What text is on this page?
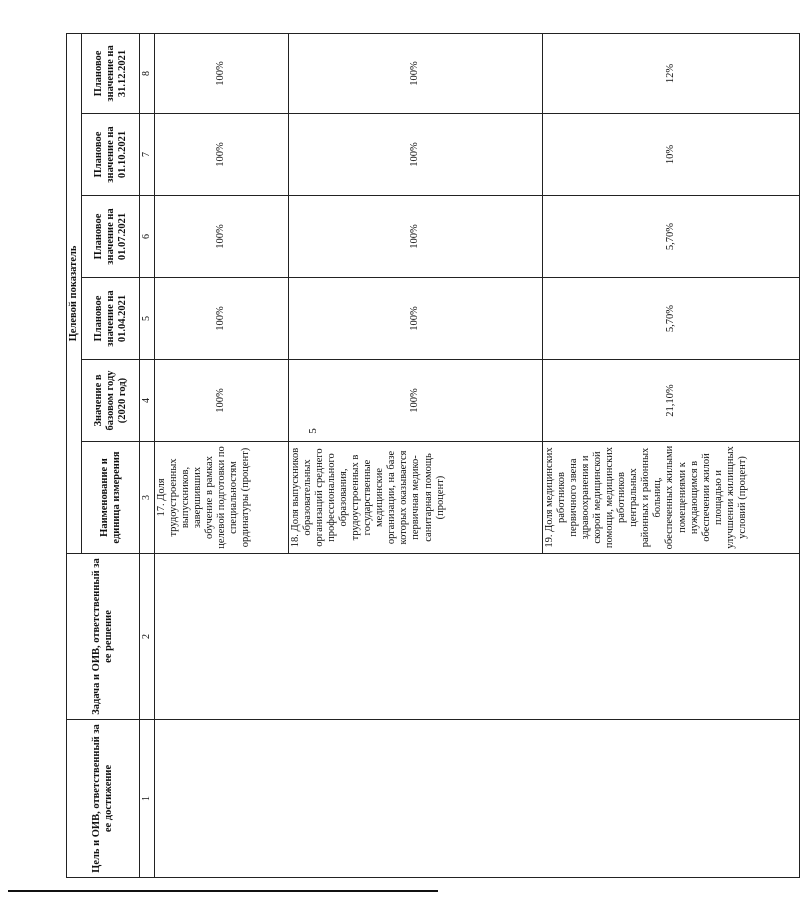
5
Цель и ОИВ, ответственный за ее достижение	Задача и ОИВ, ответственный за ее решение	Целевой показатель					
		Наименование и единица измерения	Значение в базовом году (2020 год)	Плановое значение на 01.04.2021	Плановое значение на 01.07.2021	Плановое значение на 01.10.2021	Плановое значение на 31.12.2021
1	2	3	4	5	6	7	8
		17. Доля трудоустроенных выпускников, завершивших обучение в рамках целевой подготовки по специальностям ординатуры (процент)	100%	100%	100%	100%	100%
		18. Доля выпускников образовательных организаций среднего профессионального образования, трудоустроенных в государственные медицинские организации, на базе которых оказывается первичная медико-санитарная помощь (процент)	100%	100%	100%	100%	100%
		19. Доля медицинских работников первичного звена здравоохранения и скорой медицинской помощи, медицинских работников центральных районных и районных больниц, обеспеченных жилыми помещениями к нуждающимся в обеспечении жилой площадью и улучшении жилищных условий (процент)	21,10%	5,70%	5,70%	10%	12%
